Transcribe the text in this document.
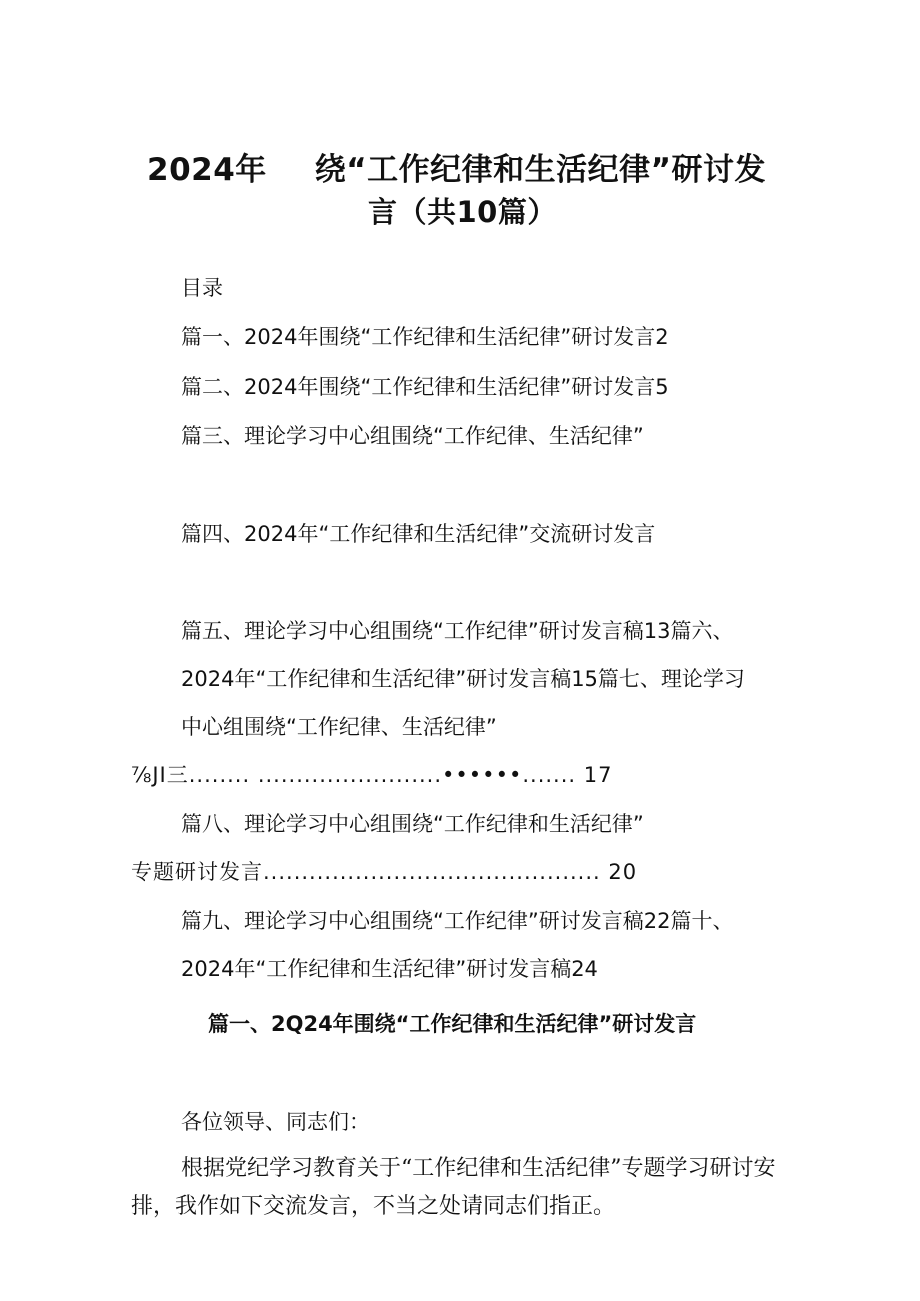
2024年 绕“工作纪律和生活纪律”研讨发
言（共10篇）
目录
篇一、2024年围绕“工作纪律和生活纪律”研讨发言2
篇二、2024年围绕“工作纪律和生活纪律”研讨发言5
篇三、理论学习中心组围绕“工作纪律、生活纪律”
篇四、2024年“工作纪律和生活纪律”交流研讨发言
篇五、理论学习中心组围绕“工作纪律”研讨发言稿13篇六、
2024年“工作纪律和生活纪律”研讨发言稿15篇七、理论学习
中心组围绕“工作纪律、生活纪律”
⅞JI三........ ........................••••••....... 17
篇八、理论学习中心组围绕“工作纪律和生活纪律”
专题研讨发言............................................ 20
篇九、理论学习中心组围绕“工作纪律”研讨发言稿22篇十、
2024年“工作纪律和生活纪律”研讨发言稿24
篇一、2Q24年围绕“工作纪律和生活纪律”研讨发言
各位领导、同志们：
根据党纪学习教育关于“工作纪律和生活纪律”专题学习研讨安
排，我作如下交流发言，不当之处请同志们指正。
